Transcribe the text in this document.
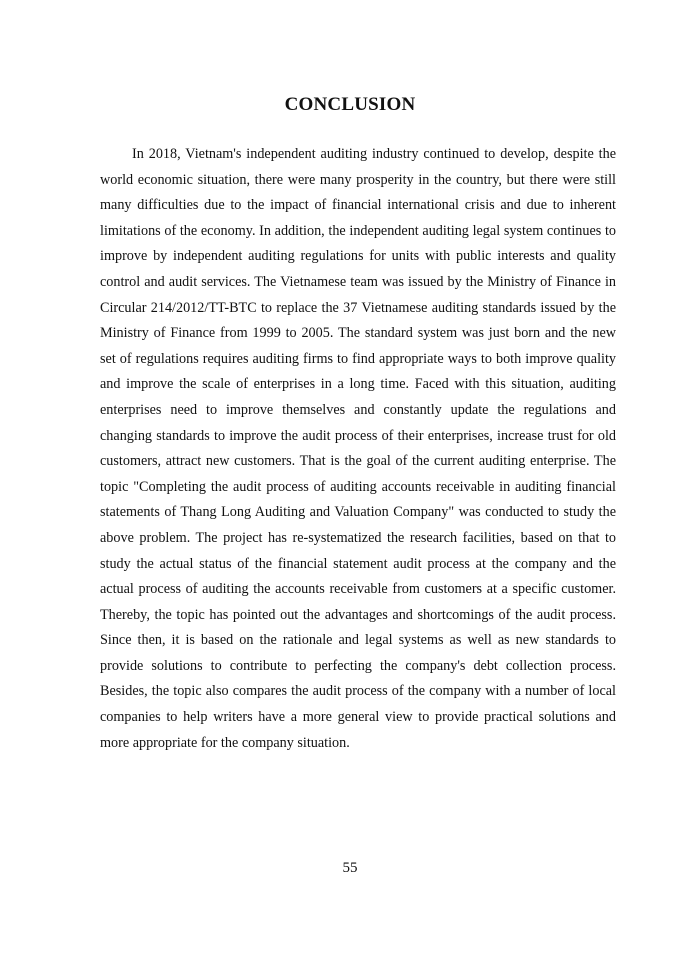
CONCLUSION

In 2018, Vietnam's independent auditing industry continued to develop, despite the world economic situation, there were many prosperity in the country, but there were still many difficulties due to the impact of financial international crisis and due to inherent limitations of the economy. In addition, the independent auditing legal system continues to improve by independent auditing regulations for units with public interests and quality control and audit services. The Vietnamese team was issued by the Ministry of Finance in Circular 214/2012/TT-BTC to replace the 37 Vietnamese auditing standards issued by the Ministry of Finance from 1999 to 2005. The standard system was just born and the new set of regulations requires auditing firms to find appropriate ways to both improve quality and improve the scale of enterprises in a long time. Faced with this situation, auditing enterprises need to improve themselves and constantly update the regulations and changing standards to improve the audit process of their enterprises, increase trust for old customers, attract new customers. That is the goal of the current auditing enterprise. The topic "Completing the audit process of auditing accounts receivable in auditing financial statements of Thang Long Auditing and Valuation Company" was conducted to study the above problem. The project has re-systematized the research facilities, based on that to study the actual status of the financial statement audit process at the company and the actual process of auditing the accounts receivable from customers at a specific customer. Thereby, the topic has pointed out the advantages and shortcomings of the audit process. Since then, it is based on the rationale and legal systems as well as new standards to provide solutions to contribute to perfecting the company's debt collection process. Besides, the topic also compares the audit process of the company with a number of local companies to help writers have a more general view to provide practical solutions and more appropriate for the company situation.

55
